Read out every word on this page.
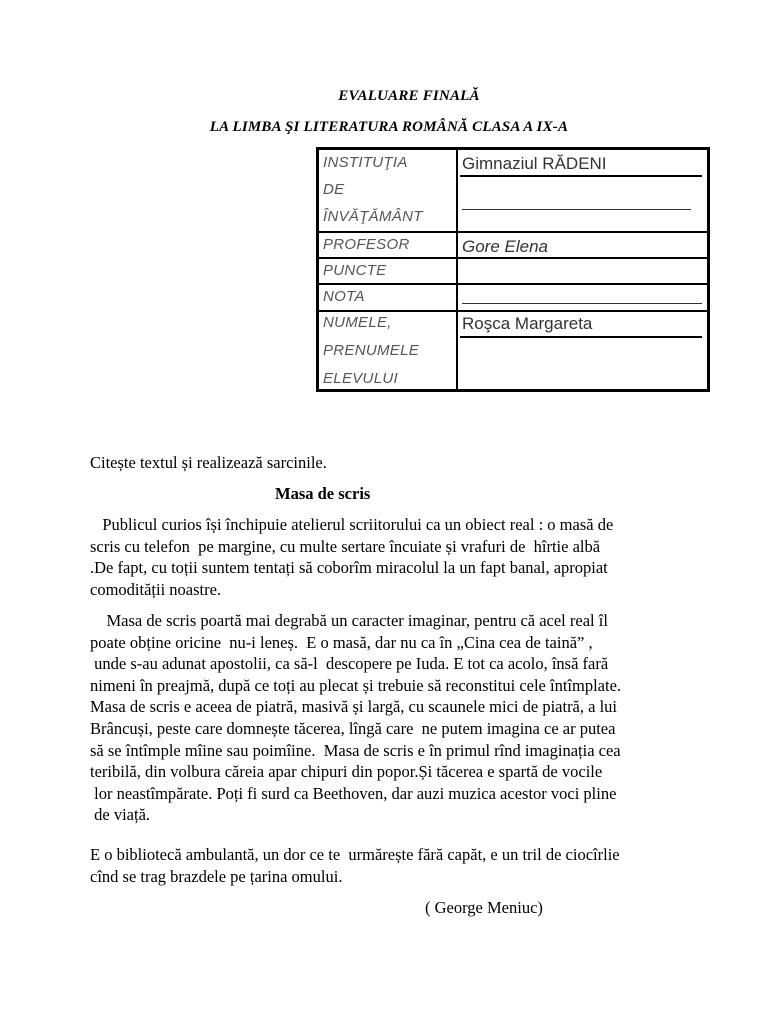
EVALUARE FINALĂ
LA LIMBA ŞI LITERATURA ROMÂNĂ CLASA A IX-A
INSTITUŢIA
DE
ÎNVĂŢĂMÂNT
Gimnaziul RĂDENI
PROFESOR	Gore Elena
PUNCTE
NOTA
NUMELE,
PRENUMELE
ELEVULUI
Roşca Margareta
Citește textul și realizează sarcinile.
Masa de scris
Publicul curios își închipuie atelierul scriitorului ca un obiect real : o masă de
scris cu telefon  pe margine, cu multe sertare încuiate și vrafuri de  hîrtie albă
.De fapt, cu toții suntem tentați să coborîm miracolul la un fapt banal, apropiat
comodității noastre.
Masa de scris poartă mai degrabă un caracter imaginar, pentru că acel real îl
poate obține oricine  nu-i leneș.  E o masă, dar nu ca în „Cina cea de taină” ,
unde s-au adunat apostolii, ca să-l  descopere pe Iuda. E tot ca acolo, însă fară
nimeni în preajmă, după ce toți au plecat și trebuie să reconstitui cele întîmplate.
Masa de scris e aceea de piatră, masivă și largă, cu scaunele mici de piatră, a lui
Brâncuși, peste care domnește tăcerea, lîngă care  ne putem imagina ce ar putea
să se întîmple mîine sau poimîine.  Masa de scris e în primul rînd imaginația cea
teribilă, din volbura căreia apar chipuri din popor.Și tăcerea e spartă de vocile
lor neastîmpărate. Poți fi surd ca Beethoven, dar auzi muzica acestor voci pline
de viață.
E o bibliotecă ambulantă, un dor ce te  urmărește fără capăt, e un tril de ciocîrlie
cînd se trag brazdele pe țarina omului.
( George Meniuc)
